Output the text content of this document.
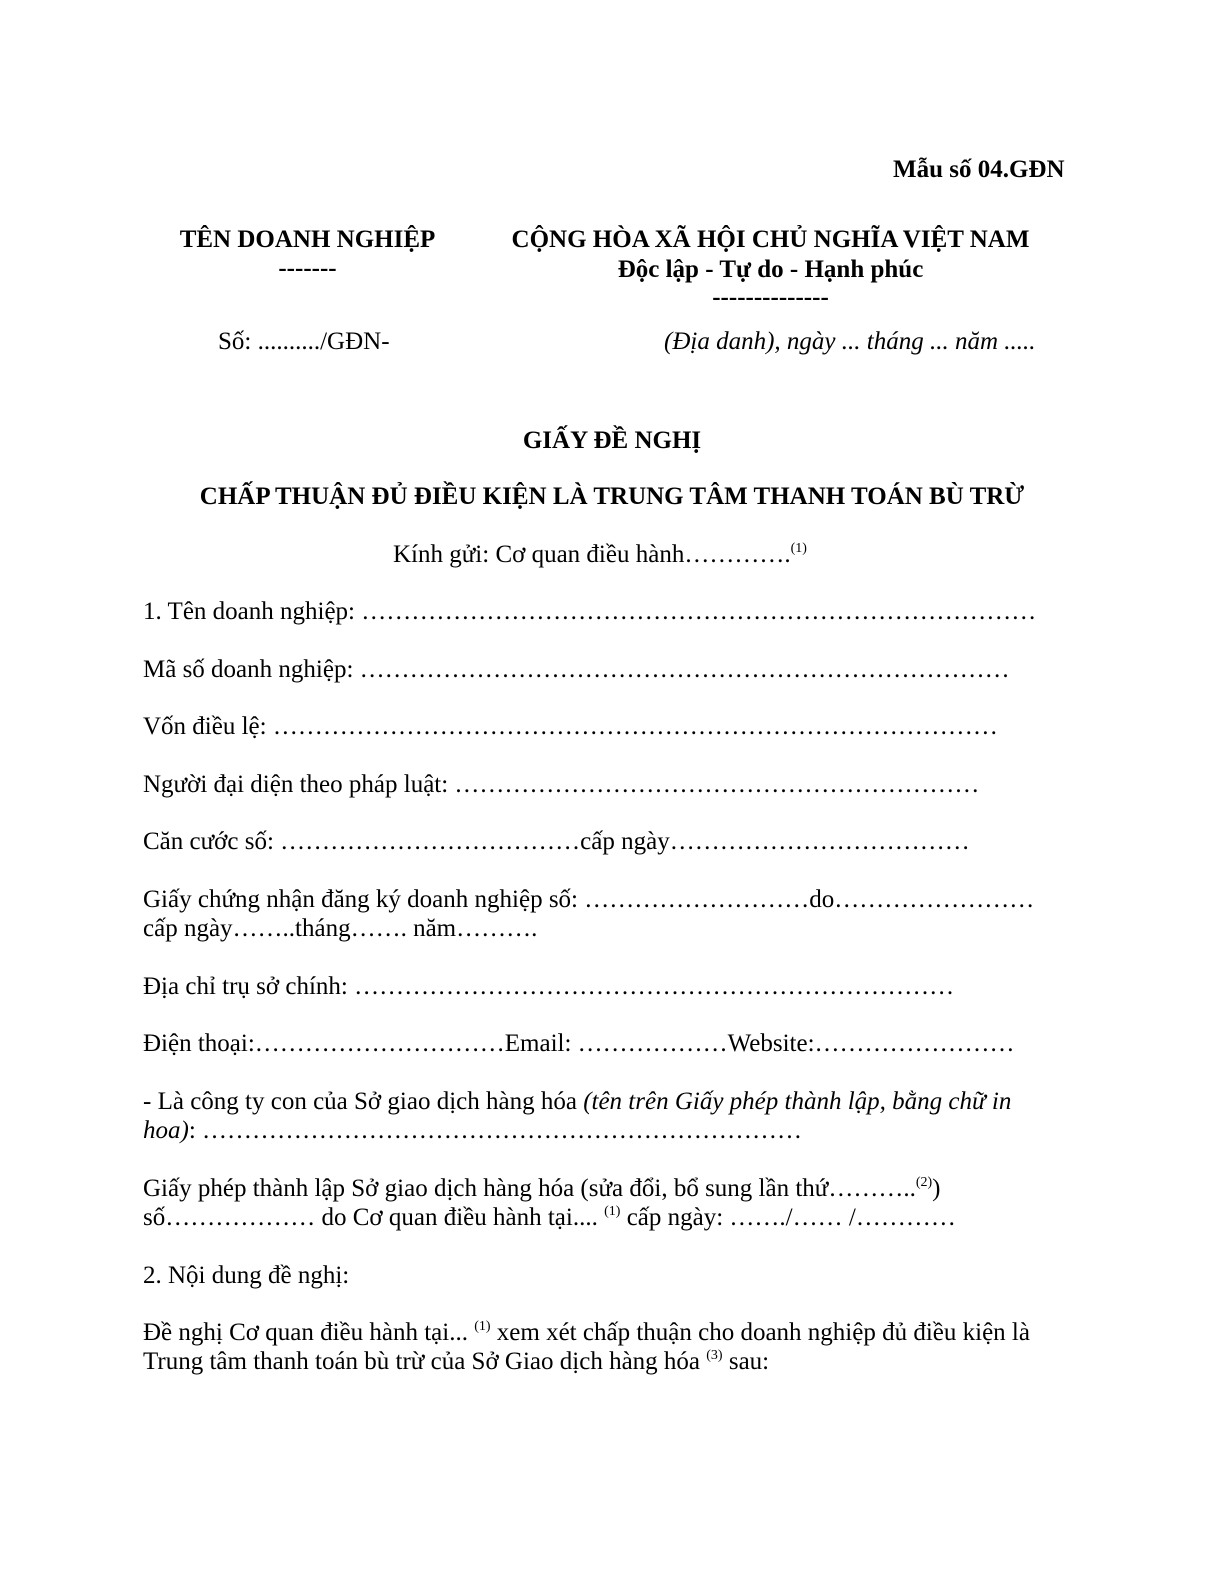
Mẫu số 04.GĐN
TÊN DOANH NGHIỆP
-------
CỘNG HÒA XÃ HỘI CHỦ NGHĨA VIỆT NAM
Độc lập - Tự do - Hạnh phúc
--------------
Số: ........../GĐN-	(Địa danh), ngày ... tháng ... năm .....
GIẤY ĐỀ NGHỊ
CHẤP THUẬN ĐỦ ĐIỀU KIỆN LÀ TRUNG TÂM THANH TOÁN BÙ TRỪ
Kính gửi: Cơ quan điều hành………….$^{(1)}$
1. Tên doanh nghiệp: ………………………………………………………………………
Mã số doanh nghiệp: ……………………………………………………………………
Vốn điều lệ: ……………………………………………………………………………
Người đại diện theo pháp luật: ………………………………………………………
Căn cước số: ………………………………cấp ngày………………………………
Giấy chứng nhận đăng ký doanh nghiệp số: ………………………do……………………
cấp ngày……..tháng……. năm……….
Địa chỉ trụ sở chính: ………………………………………………………………
Điện thoại:…………………………Email: ………………Website:……………………
- Là công ty con của Sở giao dịch hàng hóa (tên trên Giấy phép thành lập, bằng chữ in
hoa): ………………………………………………………………
Giấy phép thành lập Sở giao dịch hàng hóa (sửa đổi, bổ sung lần thứ………..$^{(2)}$)
số……………… do Cơ quan điều hành tại.... $^{(1)}$ cấp ngày: ……./…… /…………
2. Nội dung đề nghị:
Đề nghị Cơ quan điều hành tại... $^{(1)}$ xem xét chấp thuận cho doanh nghiệp đủ điều kiện là
Trung tâm thanh toán bù trừ của Sở Giao dịch hàng hóa $^{(3)}$ sau:
